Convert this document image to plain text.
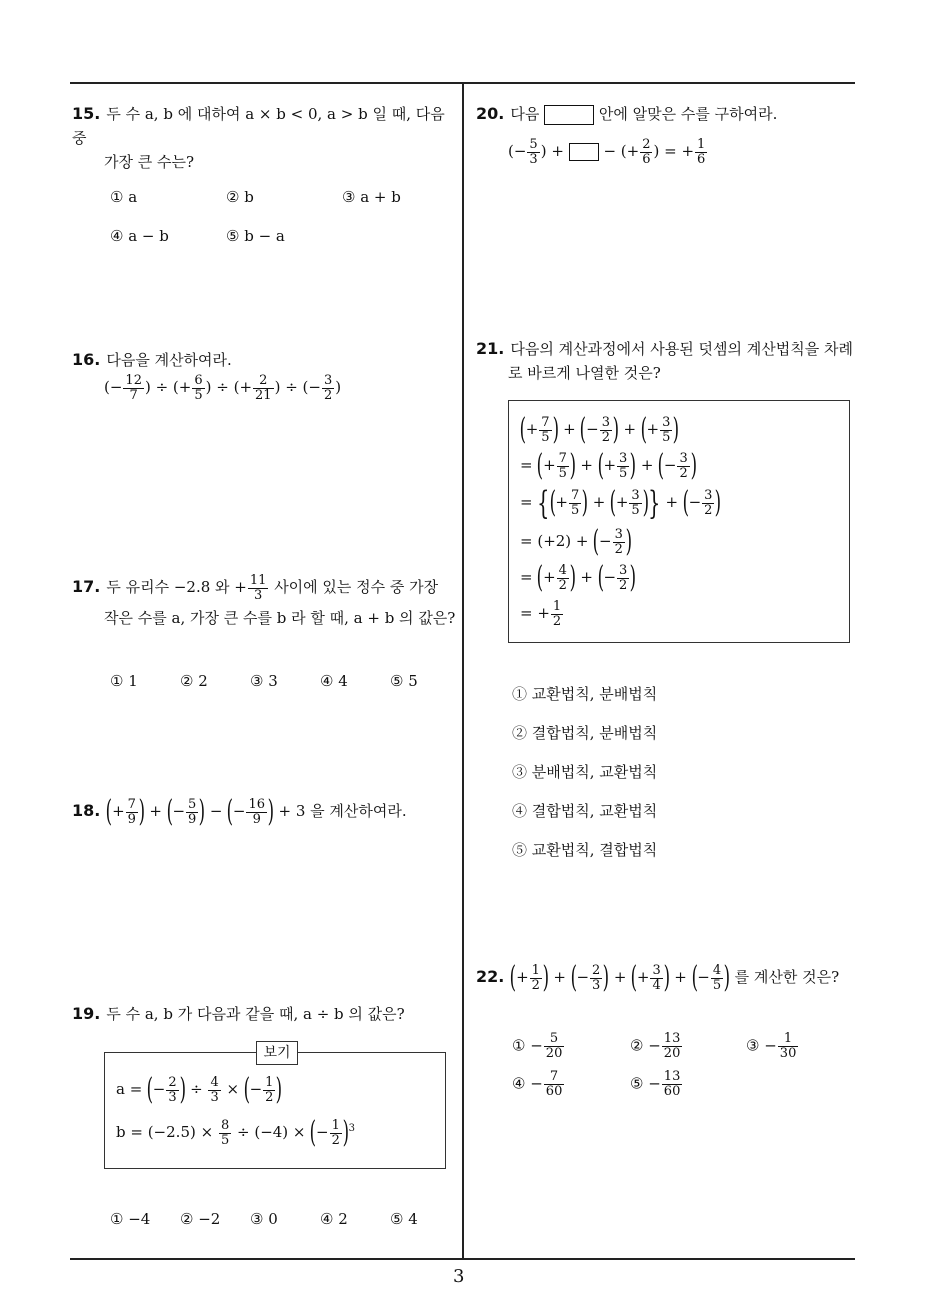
15. 두 수 a, b 에 대하여 a × b < 0, a > b 일 때, 다음 중
가장 큰 수는?
① a	② b	③ a + b
④ a − b	⑤ b − a
16. 다음을 계산하여라.
(− $\frac{12}{7}$ ) ÷ (+ $\frac{6}{5}$ ) ÷ (+ $\frac{2}{21}$ ) ÷ (− $\frac{3}{2}$ )
17. 두 유리수 −2.8 와 + $\frac{11}{3}$ 사이에 있는 정수 중 가장
작은 수를 a, 가장 큰 수를 b 라 할 때, a + b 의 값은?
① 1	② 2	③ 3	④ 4	⑤ 5
18. (+ $\frac{7}{9}$ ) + (− $\frac{5}{9}$ ) − (− $\frac{16}{9}$ ) + 3 을 계산하여라.
19. 두 수 a, b 가 다음과 같을 때, a ÷ b 의 값은?
보기
a = (− $\frac{2}{3}$ ) ÷ $\frac{4}{3}$ × (− $\frac{1}{2}$ )
$b = (-2.5) \times \frac{8}{5} \div (-4)$ × (− $\frac{1}{2} )^3$
① −4 ② −2 ③ 0	④ 2	⑤ 4
20. 다음	안에 알맞은 수를 구하여라.
(− $\frac{5}{3}$ ) +  − (+ $\frac{2}{6}$ ) = + $\frac{1}{6}$
21. 다음의 계산과정에서 사용된 덧셈의 계산법칙을 차례
로 바르게 나열한 것은?
(+ $\frac{7}{5}$ ) + (− $\frac{3}{2}$ ) + (+ $\frac{3}{5}$ )
= (+ $\frac{7}{5}$ ) + (+ $\frac{3}{5}$ ) + (− $\frac{3}{2}$ )
= {(+ $\frac{7}{5}$ ) + (+ $\frac{3}{5}$ )} + (− $\frac{3}{2}$ )
= (+2) + (− $\frac{3}{2}$ )
= (+ $\frac{4}{2}$ ) + (− $\frac{3}{2}$ )
= + $\frac{1}{2}$
① 교환법칙, 분배법칙
② 결합법칙, 분배법칙
③ 분배법칙, 교환법칙
④ 결합법칙, 교환법칙
⑤ 교환법칙, 결합법칙
22. (+ $\frac{1}{2}$ ) + (− $\frac{2}{3}$ ) + (+ $\frac{3}{4}$ ) + (− $\frac{4}{5}$ ) 를 계산한 것은?
① − $\frac{5}{20}$	② − $\frac{13}{20}$	③ − $\frac{1}{30}$
④ − $\frac{7}{60}$	⑤ − $\frac{13}{60}$
3
